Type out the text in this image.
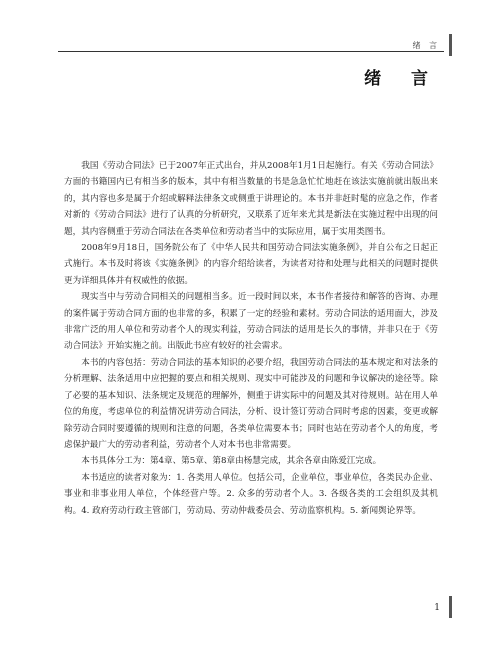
绪 言
绪 言

我国《劳动合同法》已于2007年正式出台，并从2008年1月1日起施行。有关《劳动合同法》方面的书籍国内已有相当多的版本，其中有相当数量的书是急急忙忙地赶在该法实施前就出版出来的，其内容也多是属于介绍或解释法律条文或侧重于讲理论的。本书并非赶时髦的应急之作，作者对新的《劳动合同法》进行了认真的分析研究，又联系了近年来尤其是新法在实施过程中出现的问题，其内容侧重于劳动合同法在各类单位和劳动者当中的实际应用，属于实用类图书。

2008年9月18日，国务院公布了《中华人民共和国劳动合同法实施条例》，并自公布之日起正式施行。本书及时将该《实施条例》的内容介绍给读者，为读者对待和处理与此相关的问题时提供更为详细具体并有权威性的依据。

现实当中与劳动合同相关的问题相当多。近一段时间以来，本书作者接待和解答的咨询、办理的案件属于劳动合同方面的也非常的多，积累了一定的经验和素材。劳动合同法的适用面大，涉及非常广泛的用人单位和劳动者个人的现实利益，劳动合同法的适用是长久的事情，并非只在于《劳动合同法》开始实施之前。出版此书应有较好的社会需求。

本书的内容包括：劳动合同法的基本知识的必要介绍，我国劳动合同法的基本规定和对法条的分析理解、法条适用中应把握的要点和相关规则、现实中可能涉及的问题和争议解决的途径等。除了必要的基本知识、法条规定及规范的理解外，侧重于讲实际中的问题及其对待规则。站在用人单位的角度，考虑单位的利益情况讲劳动合同法，分析、设计签订劳动合同时考虑的因素，变更或解除劳动合同时要遵循的规则和注意的问题，各类单位需要本书；同时也站在劳动者个人的角度，考虑保护最广大的劳动者利益，劳动者个人对本书也非常需要。

本书具体分工为：第4章、第5章、第8章由杨慧完成，其余各章由陈爱江完成。

本书适应的读者对象为：1. 各类用人单位。包括公司，企业单位，事业单位，各类民办企业、事业和非事业用人单位，个体经营户等。2. 众多的劳动者个人。3. 各级各类的工会组织及其机构。4. 政府劳动行政主管部门，劳动局、劳动仲裁委员会、劳动监察机构。5. 新闻舆论界等。

1
